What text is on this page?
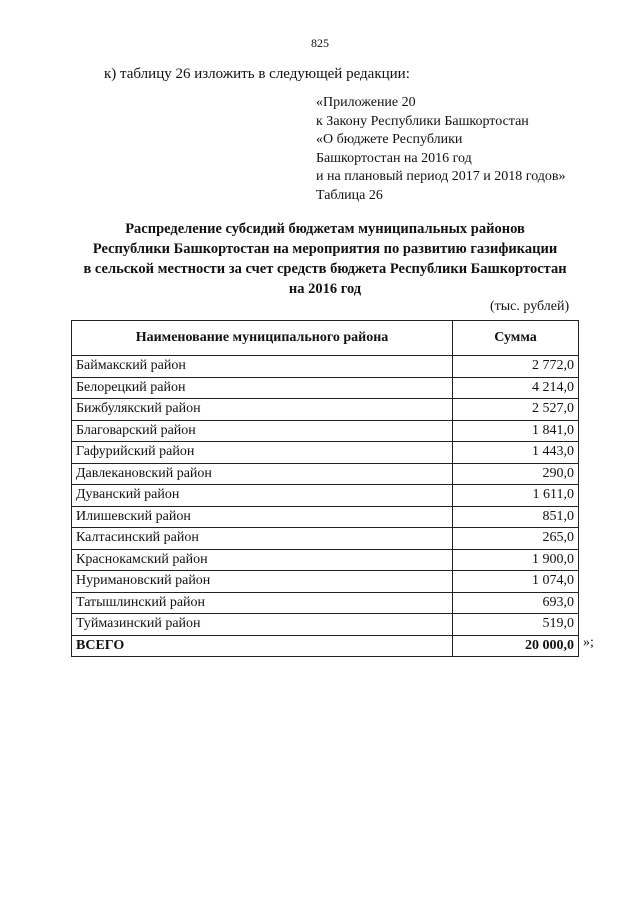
825
к) таблицу 26 изложить в следующей редакции:
«Приложение 20
к Закону Республики Башкортостан
«О бюджете Республики
Башкортостан на 2016 год
и на плановый период 2017 и 2018 годов»
Таблица 26
Распределение субсидий бюджетам муниципальных районов
Республики Башкортостан на мероприятия по развитию газификации
в сельской местности за счет средств бюджета Республики Башкортостан
на 2016 год
(тыс. рублей)
Наименование муниципального района	Сумма
Баймакский район	2 772,0
Белорецкий район	4 214,0
Бижбулякский район	2 527,0
Благоварский район	1 841,0
Гафурийский район	1 443,0
Давлекановский район	290,0
Дуванский район	1 611,0
Илишевский район	851,0
Калтасинский район	265,0
Краснокамский район	1 900,0
Нуримановский район	1 074,0
Татышлинский район	693,0
Туймазинский район	519,0
ВСЕГО	20 000,0 »;
